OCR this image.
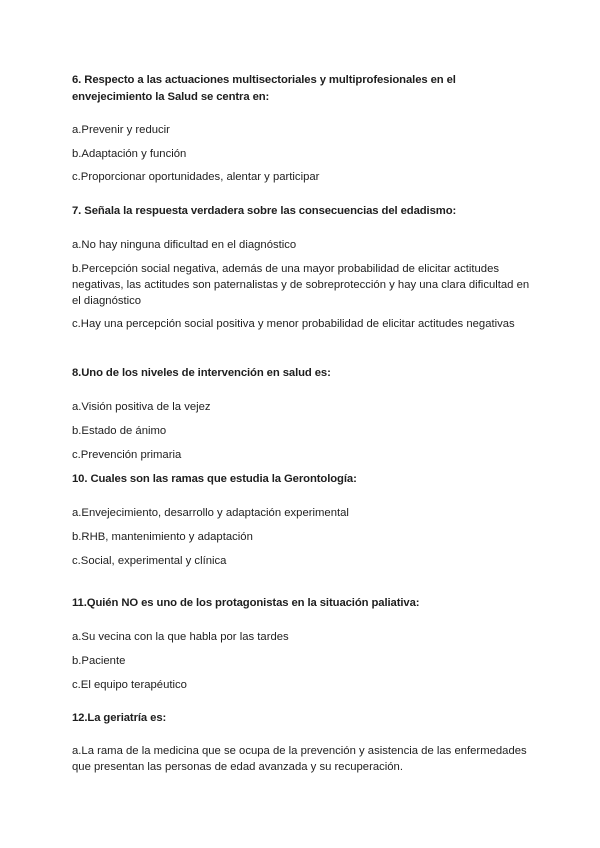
6. Respecto a las actuaciones multisectoriales y multiprofesionales en el envejecimiento la Salud se centra en:
a.Prevenir y reducir
b.Adaptación y función
c.Proporcionar oportunidades, alentar y participar
7. Señala la respuesta verdadera sobre las consecuencias del edadismo:
a.No hay ninguna dificultad en el diagnóstico
b.Percepción social negativa, además de una mayor probabilidad de elicitar actitudes negativas, las actitudes son paternalistas y de sobreprotección y hay una clara dificultad en el diagnóstico
c.Hay una percepción social positiva y menor probabilidad de elicitar actitudes negativas
8.Uno de los niveles de intervención en salud es:
a.Visión positiva de la vejez
b.Estado de ánimo
c.Prevención primaria
10. Cuales son las ramas que estudia la Gerontología:
a.Envejecimiento, desarrollo y adaptación experimental
b.RHB, mantenimiento y adaptación
c.Social, experimental y clínica
11.Quién NO es uno de los protagonistas en la situación paliativa:
a.Su vecina con la que habla por las tardes
b.Paciente
c.El equipo terapéutico
12.La geriatría es:
a.La rama de la medicina que se ocupa de la prevención y asistencia de las enfermedades que presentan las personas de edad avanzada y su recuperación.
